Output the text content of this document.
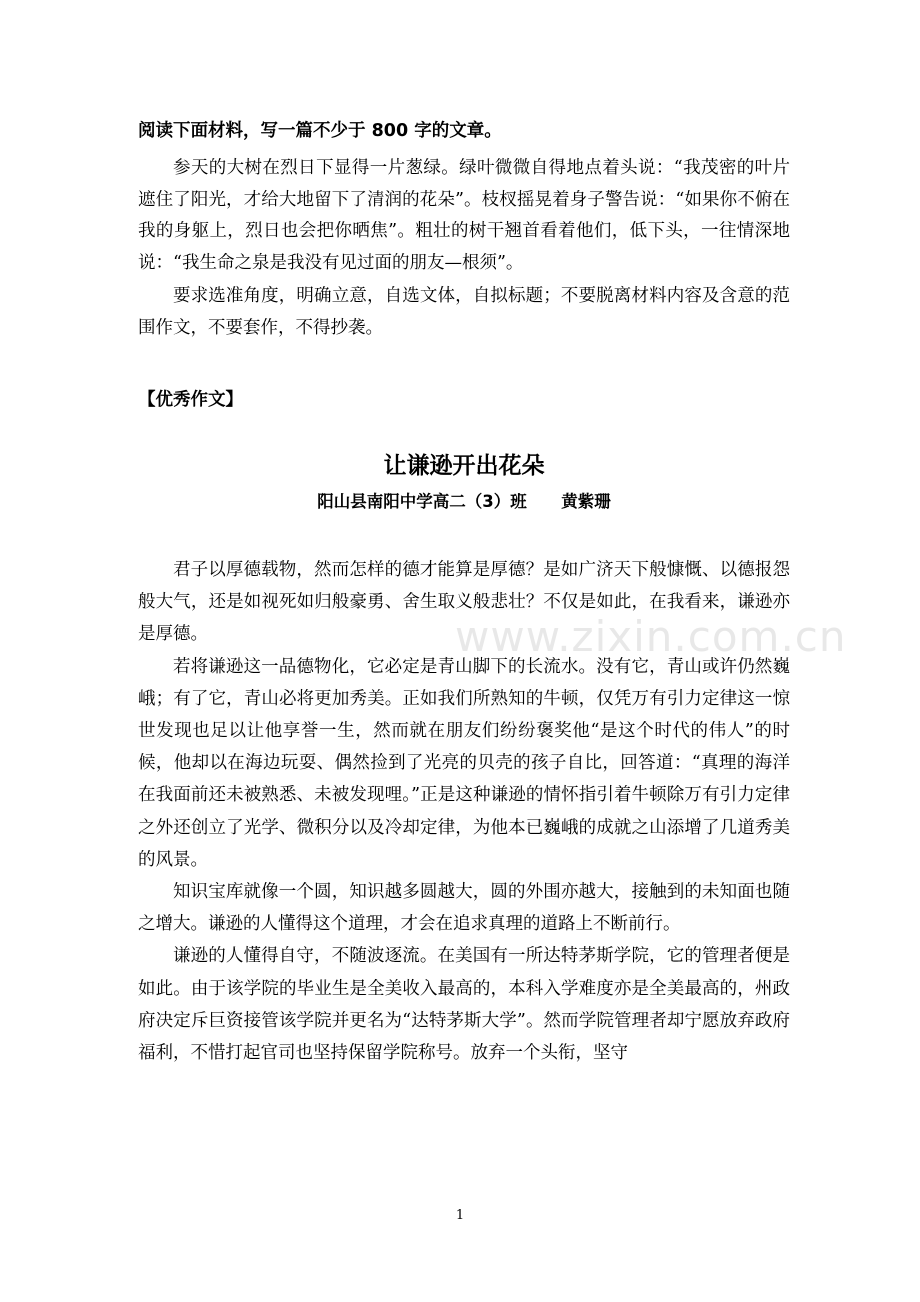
www.zixin.com.cn
阅读下面材料，写一篇不少于 800 字的文章。

参天的大树在烈日下显得一片葱绿。绿叶微微自得地点着头说：“我茂密的叶片遮住了阳光，才给大地留下了清润的花朵”。枝杈摇晃着身子警告说：“如果你不俯在我的身躯上，烈日也会把你晒焦”。粗壮的树干翘首看着他们，低下头，一往情深地说：“我生命之泉是我没有见过面的朋友—根须”。

要求选准角度，明确立意，自选文体，自拟标题；不要脱离材料内容及含意的范围作文，不要套作，不得抄袭。

【优秀作文】
让谦逊开出花朵
阳山县南阳中学高二（3）班      黄紫珊

君子以厚德载物，然而怎样的德才能算是厚德？是如广济天下般慷慨、以德报怨般大气，还是如视死如归般豪勇、舍生取义般悲壮？不仅是如此，在我看来，谦逊亦是厚德。

若将谦逊这一品德物化，它必定是青山脚下的长流水。没有它，青山或许仍然巍峨；有了它，青山必将更加秀美。正如我们所熟知的牛顿，仅凭万有引力定律这一惊世发现也足以让他享誉一生，然而就在朋友们纷纷褒奖他“是这个时代的伟人”的时候，他却以在海边玩耍、偶然捡到了光亮的贝壳的孩子自比，回答道：“真理的海洋在我面前还未被熟悉、未被发现哩。”正是这种谦逊的情怀指引着牛顿除万有引力定律之外还创立了光学、微积分以及冷却定律，为他本已巍峨的成就之山添增了几道秀美的风景。

知识宝库就像一个圆，知识越多圆越大，圆的外围亦越大，接触到的未知面也随之增大。谦逊的人懂得这个道理，才会在追求真理的道路上不断前行。

谦逊的人懂得自守，不随波逐流。在美国有一所达特茅斯学院，它的管理者便是如此。由于该学院的毕业生是全美收入最高的，本科入学难度亦是全美最高的，州政府决定斥巨资接管该学院并更名为“达特茅斯大学”。然而学院管理者却宁愿放弃政府福利，不惜打起官司也坚持保留学院称号。放弃一个头衔，坚守

1
